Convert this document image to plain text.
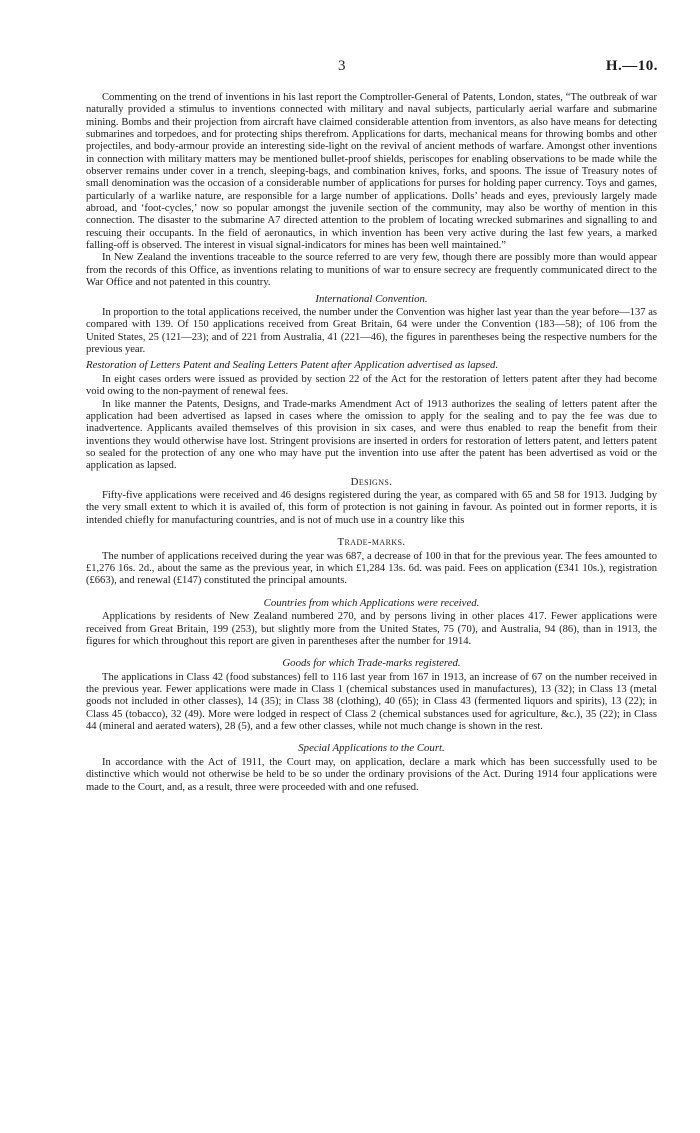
3	H.—10.

Commenting on the trend of inventions in his last report the Comptroller-General of Patents, London, states, “The outbreak of war naturally provided a stimulus to inventions connected with military and naval subjects, particularly aerial warfare and submarine mining. Bombs and their projection from aircraft have claimed considerable attention from inventors, as also have means for detecting submarines and torpedoes, and for protecting ships therefrom. Applications for darts, mechanical means for throwing bombs and other projectiles, and body-armour provide an interesting side-light on the revival of ancient methods of warfare. Amongst other inventions in connection with military matters may be mentioned bullet-proof shields, periscopes for enabling observations to be made while the observer remains under cover in a trench, sleeping-bags, and combination knives, forks, and spoons. The issue of Treasury notes of small denomination was the occasion of a considerable number of applications for purses for holding paper currency. Toys and games, particularly of a warlike nature, are responsible for a large number of applications. Dolls’ heads and eyes, previously largely made abroad, and ‘foot-cycles,’ now so popular amongst the juvenile section of the community, may also be worthy of mention in this connection. The disaster to the submarine A7 directed attention to the problem of locating wrecked submarines and signalling to and rescuing their occupants. In the field of aeronautics, in which invention has been very active during the last few years, a marked falling-off is observed. The interest in visual signal-indicators for mines has been well maintained.”

In New Zealand the inventions traceable to the source referred to are very few, though there are possibly more than would appear from the records of this Office, as inventions relating to munitions of war to ensure secrecy are frequently communicated direct to the War Office and not patented in this country.

International Convention.

In proportion to the total applications received, the number under the Convention was higher last year than the year before—137 as compared with 139. Of 150 applications received from Great Britain, 64 were under the Convention (183—58); of 106 from the United States, 25 (121—23); and of 221 from Australia, 41 (221—46), the figures in parentheses being the respective numbers for the previous year.

Restoration of Letters Patent and Sealing Letters Patent after Application advertised as lapsed.

In eight cases orders were issued as provided by section 22 of the Act for the restoration of letters patent after they had become void owing to the non-payment of renewal fees.

In like manner the Patents, Designs, and Trade-marks Amendment Act of 1913 authorizes the sealing of letters patent after the application had been advertised as lapsed in cases where the omission to apply for the sealing and to pay the fee was due to inadvertence. Applicants availed themselves of this provision in six cases, and were thus enabled to reap the benefit from their inventions they would otherwise have lost. Stringent provisions are inserted in orders for restoration of letters patent, and letters patent so sealed for the protection of any one who may have put the invention into use after the patent has been advertised as void or the application as lapsed.

Designs.

Fifty-five applications were received and 46 designs registered during the year, as compared with 65 and 58 for 1913. Judging by the very small extent to which it is availed of, this form of protection is not gaining in favour. As pointed out in former reports, it is intended chiefly for manufacturing countries, and is not of much use in a country like this

Trade-marks.

The number of applications received during the year was 687, a decrease of 100 in that for the previous year. The fees amounted to £1,276 16s. 2d., about the same as the previous year, in which £1,284 13s. 6d. was paid. Fees on application (£341 10s.), registration (£663), and renewal (£147) constituted the principal amounts.

Countries from which Applications were received.

Applications by residents of New Zealand numbered 270, and by persons living in other places 417. Fewer applications were received from Great Britain, 199 (253), but slightly more from the United States, 75 (70), and Australia, 94 (86), than in 1913, the figures for which throughout this report are given in parentheses after the number for 1914.

Goods for which Trade-marks registered.

The applications in Class 42 (food substances) fell to 116 last year from 167 in 1913, an increase of 67 on the number received in the previous year. Fewer applications were made in Class 1 (chemical substances used in manufactures), 13 (32); in Class 13 (metal goods not included in other classes), 14 (35); in Class 38 (clothing), 40 (65); in Class 43 (fermented liquors and spirits), 13 (22); in Class 45 (tobacco), 32 (49). More were lodged in respect of Class 2 (chemical substances used for agriculture, &c.), 35 (22); in Class 44 (mineral and aerated waters), 28 (5), and a few other classes, while not much change is shown in the rest.

Special Applications to the Court.

In accordance with the Act of 1911, the Court may, on application, declare a mark which has been successfully used to be distinctive which would not otherwise be held to be so under the ordinary provisions of the Act. During 1914 four applications were made to the Court, and, as a result, three were proceeded with and one refused.
